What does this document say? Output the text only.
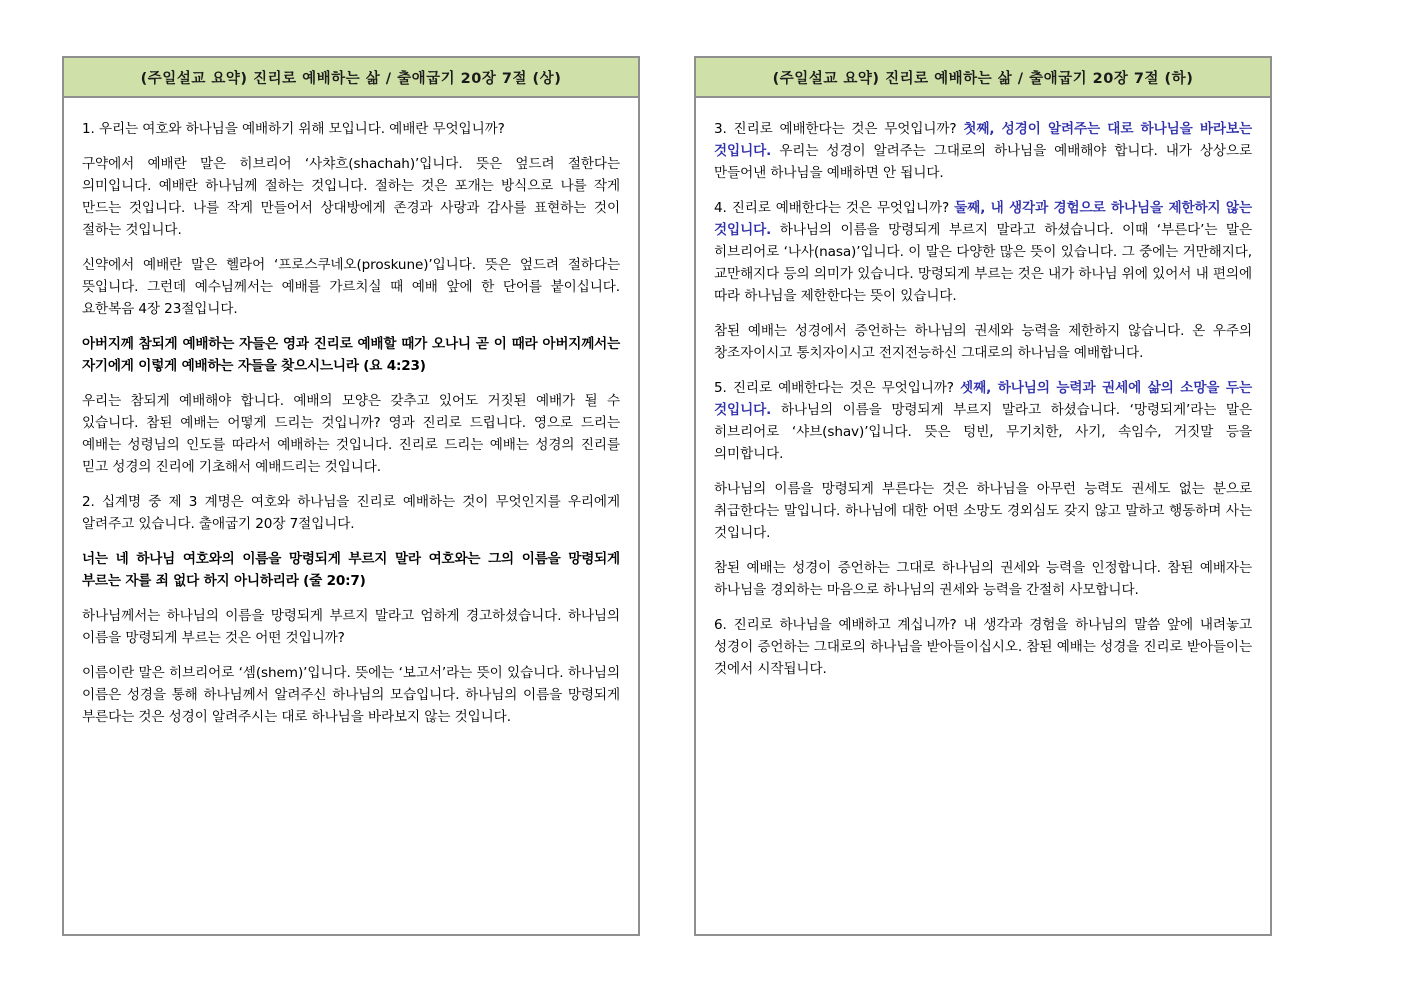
(주일설교 요약) 진리로 예배하는 삶 / 출애굽기 20장 7절 (상)

1. 우리는 여호와 하나님을 예배하기 위해 모입니다. 예배란 무엇입니까?

구약에서 예배란 말은 히브리어 ‘사챠흐(shachah)’입니다. 뜻은 엎드려 절한다는 의미입니다. 예배란 하나님께 절하는 것입니다. 절하는 것은 포개는 방식으로 나를 작게 만드는 것입니다. 나를 작게 만들어서 상대방에게 존경과 사랑과 감사를 표현하는 것이 절하는 것입니다.

신약에서 예배란 말은 헬라어 ‘프로스쿠네오(proskune)’입니다. 뜻은 엎드려 절하다는 뜻입니다. 그런데 예수님께서는 예배를 가르치실 때 예배 앞에 한 단어를 붙이십니다. 요한복음 4장 23절입니다.

아버지께 참되게 예배하는 자들은 영과 진리로 예배할 때가 오나니 곧 이 때라 아버지께서는 자기에게 이렇게 예배하는 자들을 찾으시느니라 (요 4:23)

우리는 참되게 예배해야 합니다. 예배의 모양은 갖추고 있어도 거짓된 예배가 될 수 있습니다. 참된 예배는 어떻게 드리는 것입니까? 영과 진리로 드립니다. 영으로 드리는 예배는 성령님의 인도를 따라서 예배하는 것입니다. 진리로 드리는 예배는 성경의 진리를 믿고 성경의 진리에 기초해서 예배드리는 것입니다.

2. 십계명 중 제 3 계명은 여호와 하나님을 진리로 예배하는 것이 무엇인지를 우리에게 알려주고 있습니다. 출애굽기 20장 7절입니다.

너는 네 하나님 여호와의 이름을 망령되게 부르지 말라 여호와는 그의 이름을 망령되게 부르는 자를 죄 없다 하지 아니하리라 (줄 20:7)

하나님께서는 하나님의 이름을 망령되게 부르지 말라고 엄하게 경고하셨습니다. 하나님의 이름을 망령되게 부르는 것은 어떤 것입니까?

이름이란 말은 히브리어로 ‘셈(shem)’입니다. 뜻에는 ‘보고서’라는 뜻이 있습니다. 하나님의 이름은 성경을 통해 하나님께서 알려주신 하나님의 모습입니다. 하나님의 이름을 망령되게 부른다는 것은 성경이 알려주시는 대로 하나님을 바라보지 않는 것입니다.

(주일설교 요약) 진리로 예배하는 삶 / 출애굽기 20장 7절 (하)

3. 진리로 예배한다는 것은 무엇입니까? 첫째, 성경이 알려주는 대로 하나님을 바라보는 것입니다. 우리는 성경이 알려주는 그대로의 하나님을 예배해야 합니다. 내가 상상으로 만들어낸 하나님을 예배하면 안 됩니다.

4. 진리로 예배한다는 것은 무엇입니까? 둘째, 내 생각과 경험으로 하나님을 제한하지 않는 것입니다. 하나님의 이름을 망령되게 부르지 말라고 하셨습니다. 이때 ‘부른다’는 말은 히브리어로 ‘나사(nasa)’입니다. 이 말은 다양한 많은 뜻이 있습니다. 그 중에는 거만해지다, 교만해지다 등의 의미가 있습니다. 망령되게 부르는 것은 내가 하나님 위에 있어서 내 편의에 따라 하나님을 제한한다는 뜻이 있습니다.

참된 예배는 성경에서 증언하는 하나님의 권세와 능력을 제한하지 않습니다. 온 우주의 창조자이시고 통치자이시고 전지전능하신 그대로의 하나님을 예배합니다.

5. 진리로 예배한다는 것은 무엇입니까? 셋째, 하나님의 능력과 권세에 삶의 소망을 두는 것입니다. 하나님의 이름을 망령되게 부르지 말라고 하셨습니다. ‘망령되게’라는 말은 히브리어로 ‘샤브(shav)’입니다. 뜻은 텅빈, 무기치한, 사기, 속임수, 거짓말 등을 의미합니다.

하나님의 이름을 망령되게 부른다는 것은 하나님을 아무런 능력도 권세도 없는 분으로 취급한다는 말입니다. 하나님에 대한 어떤 소망도 경외심도 갖지 않고 말하고 행동하며 사는 것입니다.

참된 예배는 성경이 증언하는 그대로 하나님의 권세와 능력을 인정합니다. 참된 예배자는 하나님을 경외하는 마음으로 하나님의 권세와 능력을 간절히 사모합니다.

6. 진리로 하나님을 예배하고 계십니까? 내 생각과 경험을 하나님의 말씀 앞에 내려놓고 성경이 증언하는 그대로의 하나님을 받아들이십시오. 참된 예배는 성경을 진리로 받아들이는 것에서 시작됩니다.
